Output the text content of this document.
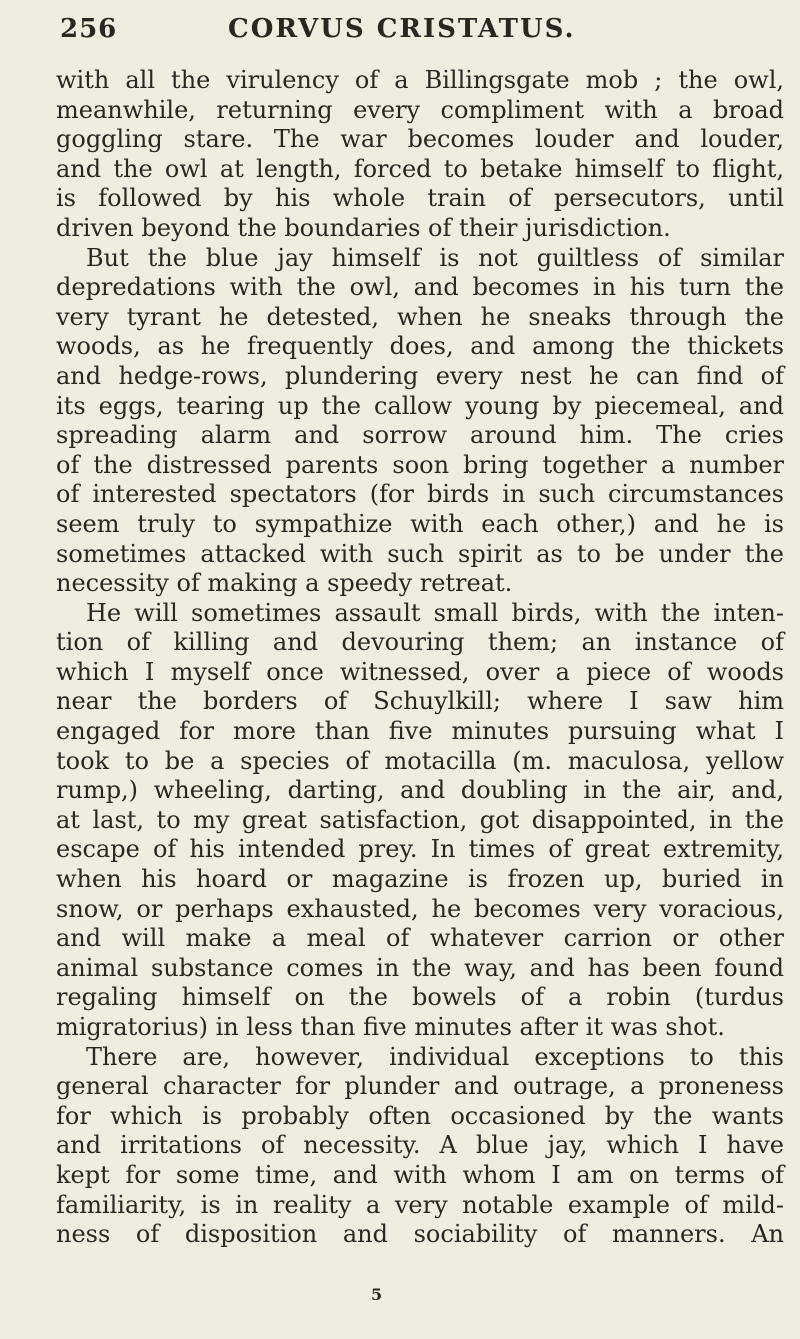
256	CORVUS CRISTATUS.
with all the virulency of a Billingsgate mob ; the owl,
meanwhile, returning every compliment with a broad
goggling stare. The war becomes louder and louder,
and the owl at length, forced to betake himself to flight,
is followed by his whole train of persecutors, until
driven beyond the boundaries of their jurisdiction.
But the blue jay himself is not guiltless of similar
depredations with the owl, and becomes in his turn the
very tyrant he detested, when he sneaks through the
woods, as he frequently does, and among the thickets
and hedge-rows, plundering every nest he can find of
its eggs, tearing up the callow young by piecemeal, and
spreading alarm and sorrow around him. The cries
of the distressed parents soon bring together a number
of interested spectators (for birds in such circumstances
seem truly to sympathize with each other,) and he is
sometimes attacked with such spirit as to be under the
necessity of making a speedy retreat.
He will sometimes assault small birds, with the inten-
tion of killing and devouring them; an instance of
which I myself once witnessed, over a piece of woods
near the borders of Schuylkill; where I saw him
engaged for more than five minutes pursuing what I
took to be a species of motacilla (m. maculosa, yellow
rump,) wheeling, darting, and doubling in the air, and,
at last, to my great satisfaction, got disappointed, in the
escape of his intended prey. In times of great extremity,
when his hoard or magazine is frozen up, buried in
snow, or perhaps exhausted, he becomes very voracious,
and will make a meal of whatever carrion or other
animal substance comes in the way, and has been found
regaling himself on the bowels of a robin (turdus
migratorius) in less than five minutes after it was shot.
There are, however, individual exceptions to this
general character for plunder and outrage, a proneness
for which is probably often occasioned by the wants
and irritations of necessity. A blue jay, which I have
kept for some time, and with whom I am on terms of
familiarity, is in reality a very notable example of mild-
ness of disposition and sociability of manners. An
5
